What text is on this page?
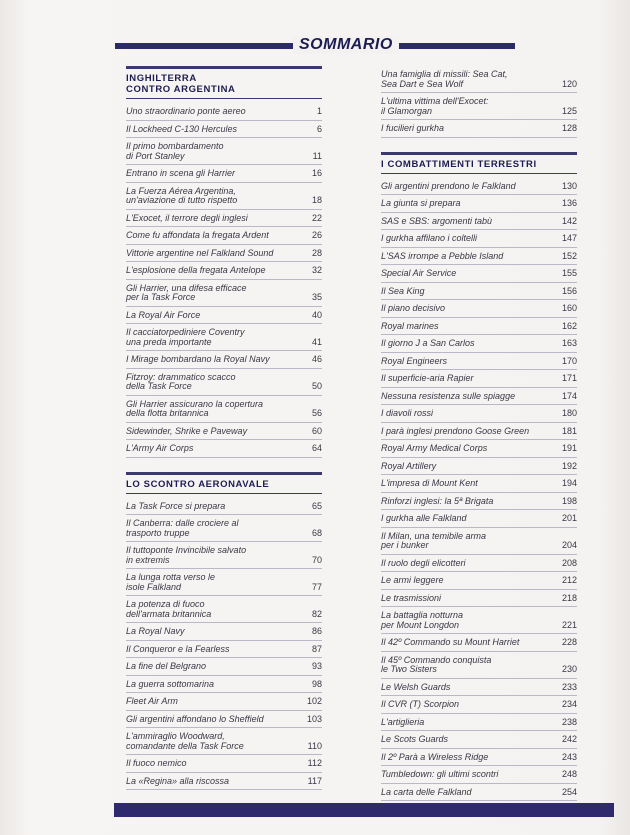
SOMMARIO
INGHILTERRA
CONTRO ARGENTINA
Uno straordinario ponte aereo	1
Il Lockheed C-130 Hercules	6
Il primo bombardamento
di Port Stanley	11
Entrano in scena gli Harrier	16
La Fuerza Aérea Argentina,
un'aviazione di tutto rispetto	18
L'Exocet, il terrore degli inglesi	22
Come fu affondata la fregata Ardent	26
Vittorie argentine nel Falkland Sound	28
L'esplosione della fregata Antelope	32
Gli Harrier, una difesa efficace
per la Task Force	35
La Royal Air Force	40
Il cacciatorpediniere Coventry
una preda importante	41
I Mirage bombardano la Royal Navy	46
Fitzroy: drammatico scacco
della Task Force	50
Gli Harrier assicurano la copertura
della flotta britannica	56
Sidewinder, Shrike e Paveway	60
L'Army Air Corps	64
LO SCONTRO AERONAVALE
La Task Force si prepara	65
Il Canberra: dalle crociere al
trasporto truppe	68
Il tuttoponte Invincibile salvato
in extremis	70
La lunga rotta verso le
isole Falkland	77
La potenza di fuoco
dell'armata britannica	82
La Royal Navy	86
Il Conqueror e la Fearless	87
La fine del Belgrano	93
La guerra sottomarina	98
Fleet Air Arm	102
Gli argentini affondano lo Sheffield	103
L'ammiraglio Woodward,
comandante della Task Force	110
Il fuoco nemico	112
La «Regina» alla riscossa	117
Una famiglia di missili: Sea Cat,
Sea Dart e Sea Wolf	120
L'ultima vittima dell'Exocet:
il Glamorgan	125
I fucilieri gurkha	128
I COMBATTIMENTI TERRESTRI
Gli argentini prendono le Falkland	130
La giunta si prepara	136
SAS e SBS: argomenti tabù	142
I gurkha affilano i coltelli	147
L'SAS irrompe a Pebble Island	152
Special Air Service	155
Il Sea King	156
Il piano decisivo	160
Royal marines	162
Il giorno J a San Carlos	163
Royal Engineers	170
Il superficie-aria Rapier	171
Nessuna resistenza sulle spiagge	174
I diavoli rossi	180
I parà inglesi prendono Goose Green	181
Royal Army Medical Corps	191
Royal Artillery	192
L'impresa di Mount Kent	194
Rinforzi inglesi: la 5ª Brigata	198
I gurkha alle Falkland	201
Il Milan, una temibile arma
per i bunker	204
Il ruolo degli elicotteri	208
Le armi leggere	212
Le trasmissioni	218
La battaglia notturna
per Mount Longdon	221
Il 42º Commando su Mount Harriet	228
Il 45º Commando conquista
le Two Sisters	230
Le Welsh Guards	233
Il CVR (T) Scorpion	234
L'artiglieria	238
Le Scots Guards	242
Il 2º Parà a Wireless Ridge	243
Tumbledown: gli ultimi scontri	248
La carta delle Falkland	254
